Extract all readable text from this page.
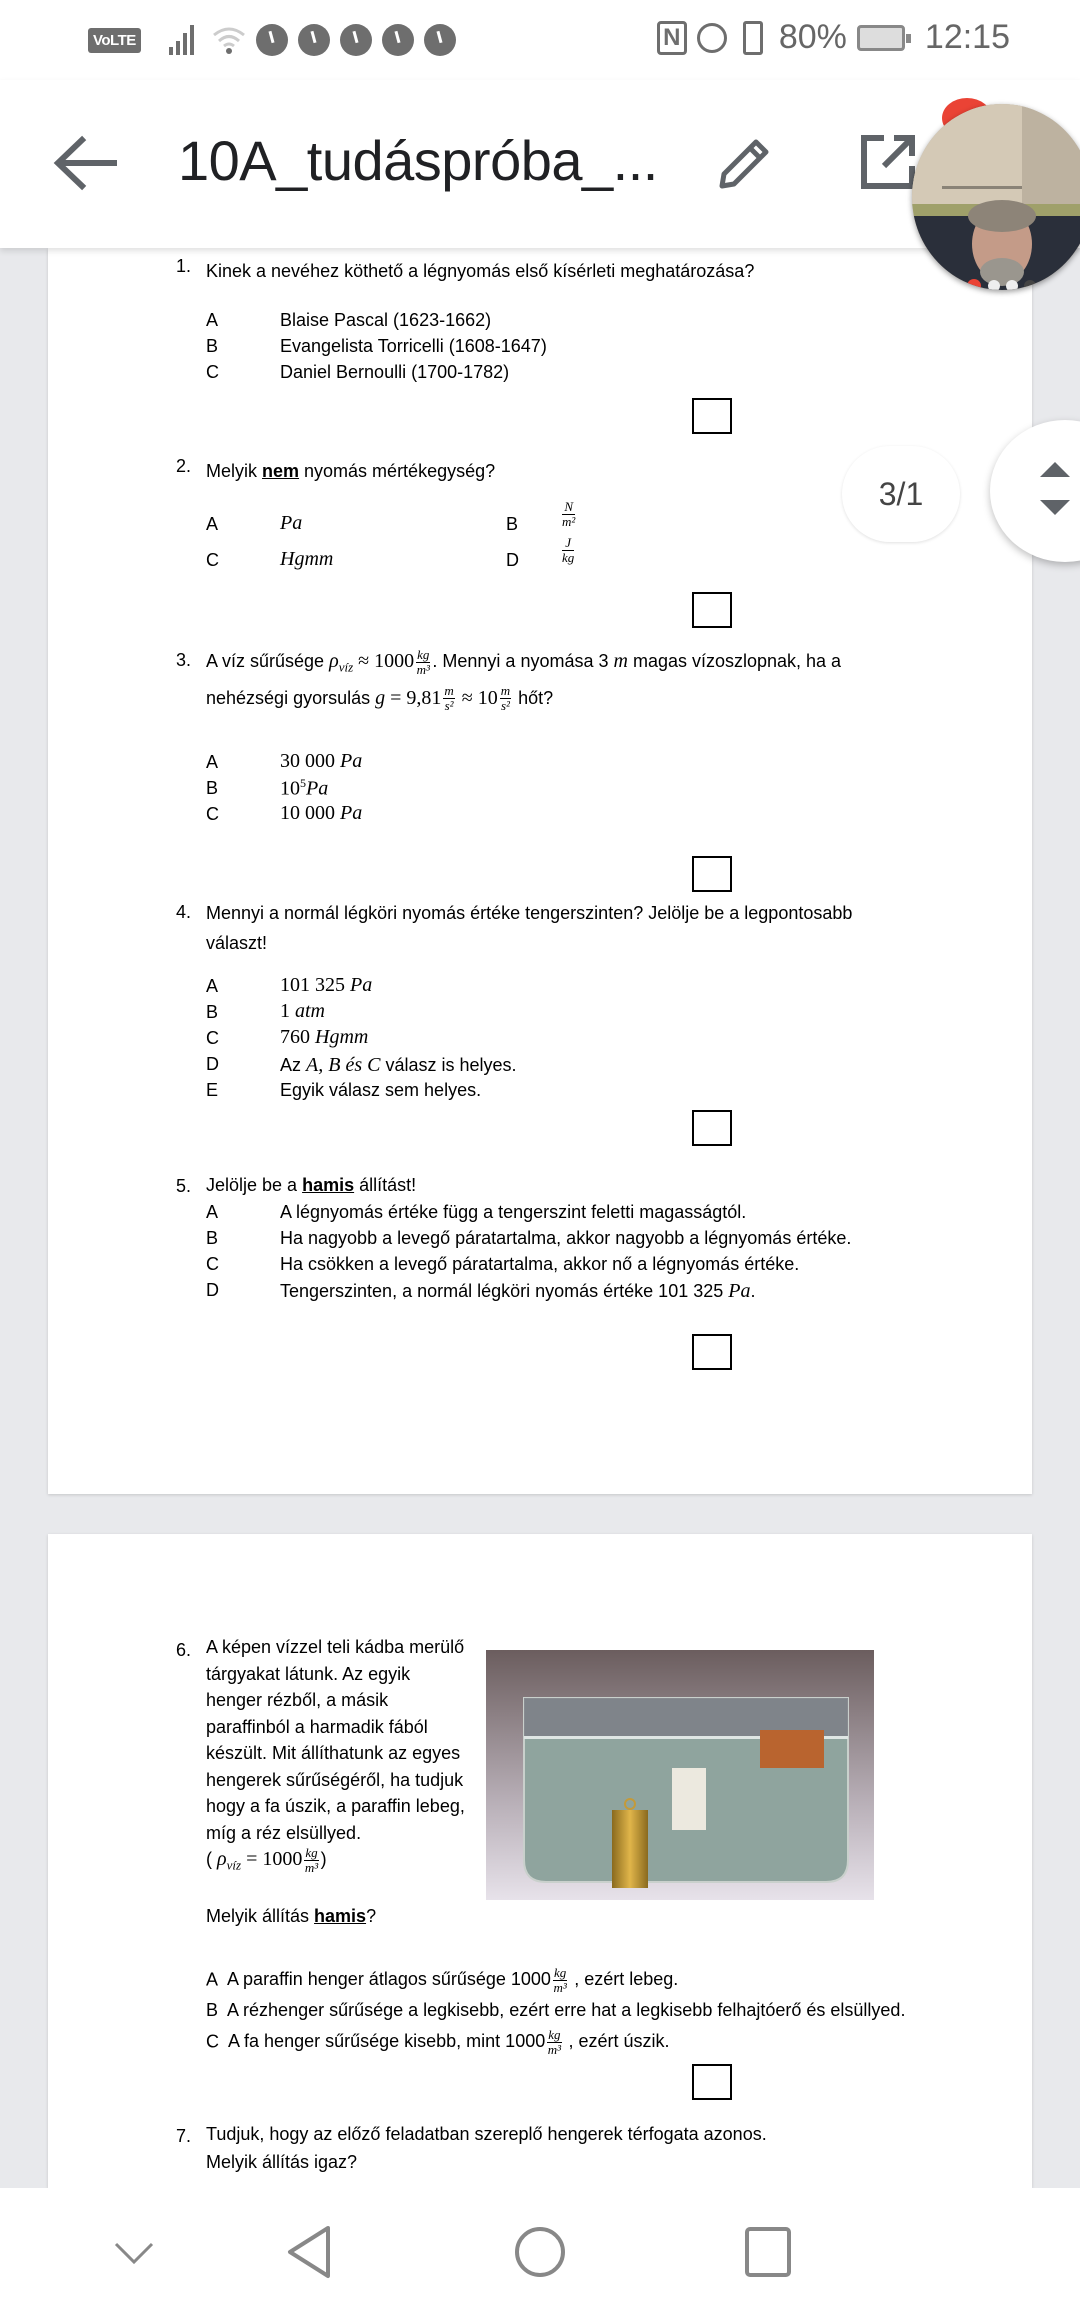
VoLTE	N	80% 12:15
10A_tudáspróba_...
1. Kinek a nevéhez köthető a légnyomás első kísérleti meghatározása?
A	Blaise Pascal (1623-1662)
B	Evangelista Torricelli (1608-1647)
C	Daniel Bernoulli (1700-1782)
2. Melyik nem nyomás mértékegység?
A	Pa	B	$\frac{N}{\text{m²}}$
C	Hgmm	D	$\frac{J}{kg}$
3. A víz sűrűsége $\rho_{víz} \approx 1000 \frac{kg}{\text{m³}}$ . Mennyi a nyomása 3 m magas vízoszlopnak, ha a
nehézségi gyorsulás $g = 9,81 \frac{m}{\text{s²}} \approx 10 \frac{m}{\text{s²}}$ hőt?
A	30 000 Pa
B	$10^5Pa$
C	10 000 Pa
4. Mennyi a normál légköri nyomás értéke tengerszinten? Jelölje be a legpontosabb
választ!
A	101 325 Pa
B	1 atm
C	760 Hgmm
D	Az A, B és C válasz is helyes.
E	Egyik válasz sem helyes.
5. Jelölje be a hamis állítást!
A	A légnyomás értéke függ a tengerszint feletti magasságtól.
B	Ha nagyobb a levegő páratartalma, akkor nagyobb a légnyomás értéke.
C	Ha csökken a levegő páratartalma, akkor nő a légnyomás értéke.
D	Tengerszinten, a normál légköri nyomás értéke 101 325 Pa.
6. A képen vízzel teli kádba merülő
tárgyakat látunk. Az egyik
henger rézből, a másik
paraffinból a harmadik fából
készült. Mit állíthatunk az egyes
hengerek sűrűségéről, ha tudjuk
hogy a fa úszik, a paraffin lebeg,
míg a réz elsüllyed.
( $\rho_{víz} = 1000 \frac{kg}{\text{m³}}$ )
Melyik állítás hamis?
A A paraffin henger átlagos sűrűsége $1000 \frac{kg}{\text{m³}}$ , ezért lebeg.
B A rézhenger sűrűsége a legkisebb, ezért erre hat a legkisebb felhajtóerő és elsüllyed.
C A fa henger sűrűsége kisebb, mint $1000 \frac{kg}{\text{m³}}$ , ezért úszik.
7. Tudjuk, hogy az előző feladatban szereplő hengerek térfogata azonos.
Melyik állítás igaz?
3/1
